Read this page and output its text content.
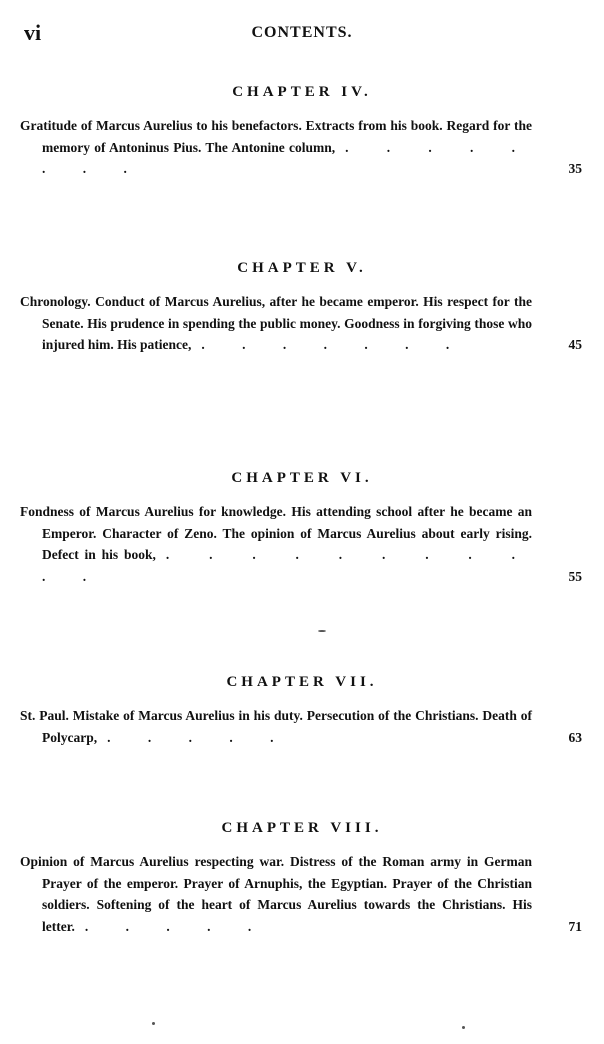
vi	CONTENTS.
CHAPTER IV.
Gratitude of Marcus Aurelius to his benefactors. Extracts from his book. Regard for the memory of Antoninus Pius. The Antonine column, . . . . . . . .	35
CHAPTER V.
Chronology. Conduct of Marcus Aurelius, after he became emperor. His respect for the Senate. His prudence in spending the public money. Goodness in forgiving those who injured him. His patience, . . . . . . .	45
CHAPTER VI.
Fondness of Marcus Aurelius for knowledge. His attending school after he became an Emperor. Character of Zeno. The opinion of Marcus Aurelius about early rising. Defect in his book, . . . . . . . . . . .	55
CHAPTER VII.
St. Paul. Mistake of Marcus Aurelius in his duty. Persecution of the Christians. Death of Polycarp, . . . . .	63
CHAPTER VIII.
Opinion of Marcus Aurelius respecting war. Distress of the Roman army in German Prayer of the emperor. Prayer of Arnuphis, the Egyptian. Prayer of the Christian soldiers. Softening of the heart of Marcus Aurelius towards the Christians. His letter. . . . . .	71
